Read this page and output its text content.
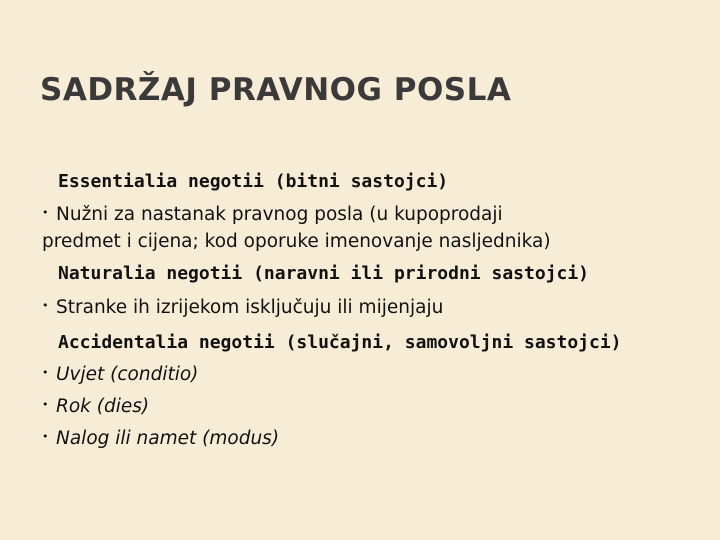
SADRŽAJ PRAVNOG POSLA
Essentialia negotii (bitni sastojci)
• Nužni za nastanak pravnog posla (u kupoprodaji
predmet i cijena; kod oporuke imenovanje nasljednika)
Naturalia negotii (naravni ili prirodni sastojci)
• Stranke ih izrijekom isključuju ili mijenjaju
Accidentalia negotii (slučajni, samovoljni sastojci)
• Uvjet (conditio)
• Rok (dies)
• Nalog ili namet (modus)
